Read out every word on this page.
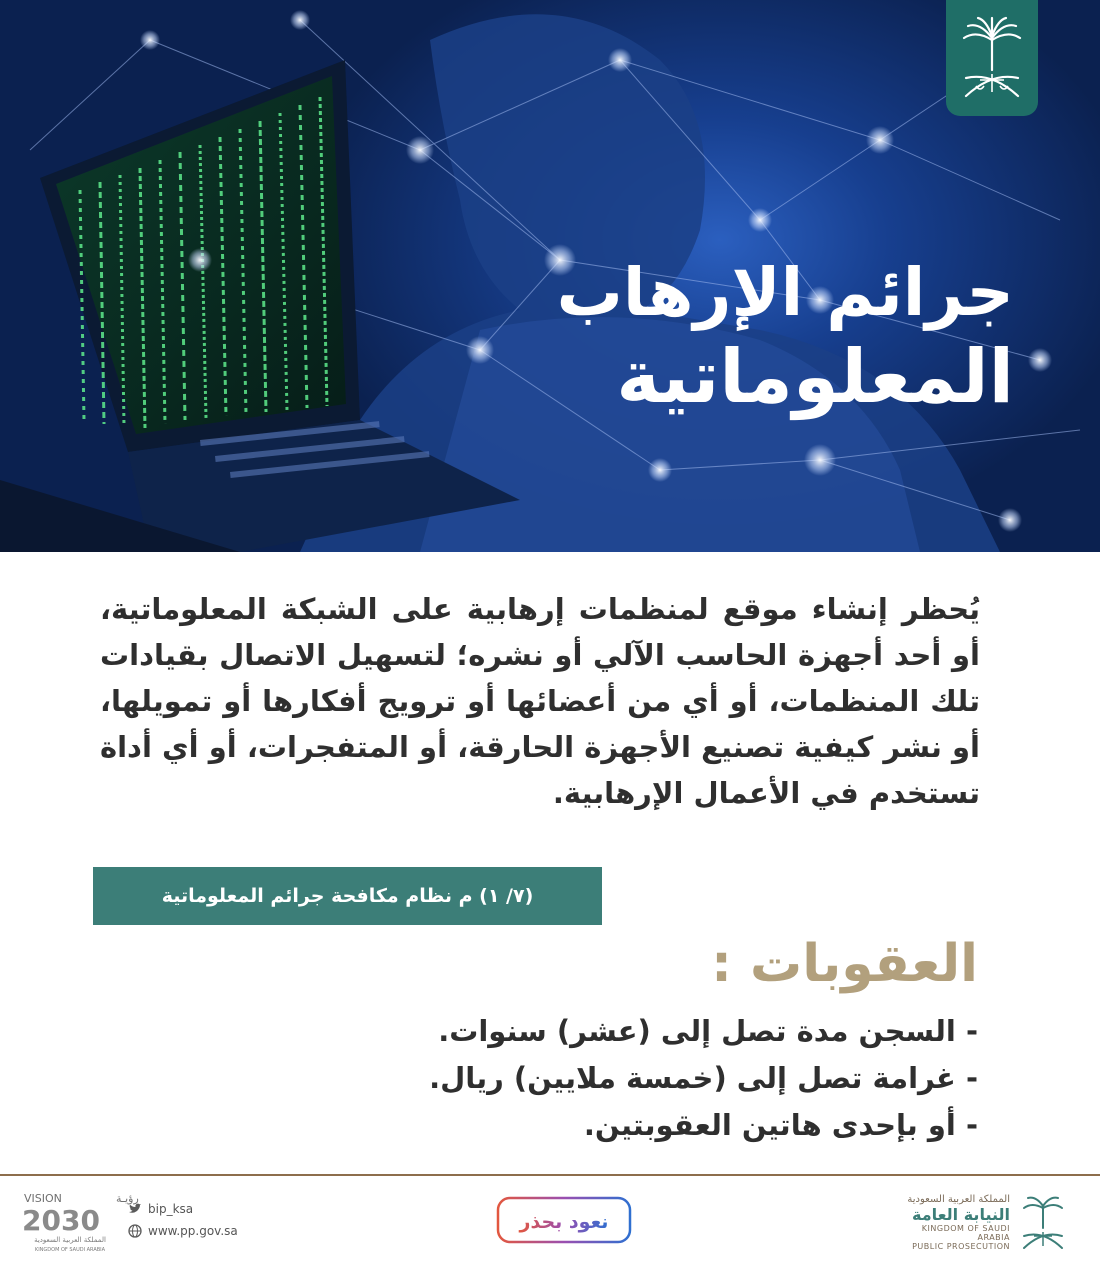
جرائم الإرهاب
المعلوماتية
يُحظر إنشاء موقع لمنظمات إرهابية على الشبكة المعلوماتية، أو أحد أجهزة الحاسب الآلي أو نشره؛ لتسهيل الاتصال بقيادات تلك المنظمات، أو أي من أعضائها أو ترويج أفكارها أو تمويلها، أو نشر كيفية تصنيع الأجهزة الحارقة، أو المتفجرات، أو أي أداة تستخدم في الأعمال الإرهابية.
(٧/ ١) م نظام مكافحة جرائم المعلوماتية
العقوبات :
- السجن مدة تصل إلى (عشر) سنوات.
- غرامة تصل إلى (خمسة ملايين) ريال.
- أو بإحدى هاتين العقوبتين.
VISION	رؤيـة
2030
المملكة العربية السعودية
KINGDOM OF SAUDI ARABIA
bip_ksa
www.pp.gov.sa	نعود بحذر
المملكة العربية السعودية
النيابة العامة
KINGDOM OF SAUDI ARABIA
PUBLIC PROSECUTION
